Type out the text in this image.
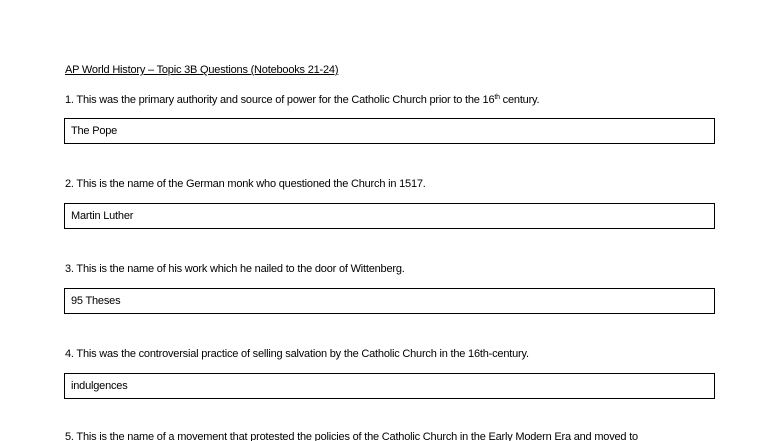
AP World History – Topic 3B Questions (Notebooks 21-24)
1. This was the primary authority and source of power for the Catholic Church prior to the 16th century.
The Pope
2. This is the name of the German monk who questioned the Church in 1517.
Martin Luther
3. This is the name of his work which he nailed to the door of Wittenberg.
95 Theses
4. This was the controversial practice of selling salvation by the Catholic Church in the 16th-century.
indulgences
5. This is the name of a movement that protested the policies of the Catholic Church in the Early Modern Era and moved to
